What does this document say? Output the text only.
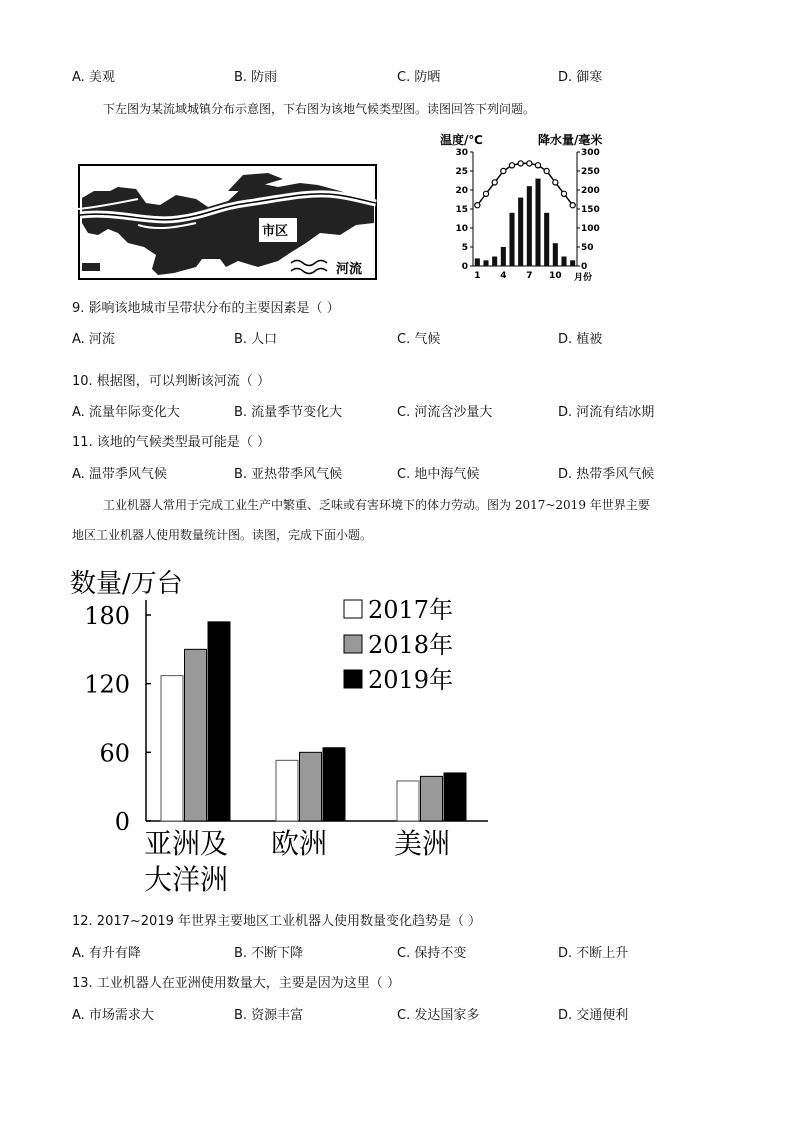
A. 美观	B. 防雨	C. 防晒	D. 御寒
下左图为某流域城镇分布示意图，下右图为该地气候类型图。读图回答下列问题。
市区
河流
温度/℃	降水量/毫米
30
25
20
15
10
5
0
300
250
200
150
100
50
0
1 4 7 10 月份
9. 影响该地城市呈带状分布的主要因素是（ ）
A. 河流	B. 人口	C. 气候	D. 植被
10. 根据图，可以判断该河流（ ）
A. 流量年际变化大	B. 流量季节变化大	C. 河流含沙量大	D. 河流有结冰期
11. 该地的气候类型最可能是（ ）
A. 温带季风气候	B. 亚热带季风气候	C. 地中海气候	D. 热带季风气候
工业机器人常用于完成工业生产中繁重、乏味或有害环境下的体力劳动。图为 2017~2019 年世界主要
地区工业机器人使用数量统计图。读图，完成下面小题。
数量/万台
180
120
60
0
2017年
2018年
2019年
亚洲及
大洋洲
欧洲 美洲
12. 2017~2019 年世界主要地区工业机器人使用数量变化趋势是（ ）
A. 有升有降	B. 不断下降	C. 保持不变	D. 不断上升
13. 工业机器人在亚洲使用数量大，主要是因为这里（ ）
A. 市场需求大	B. 资源丰富	C. 发达国家多	D. 交通便利
